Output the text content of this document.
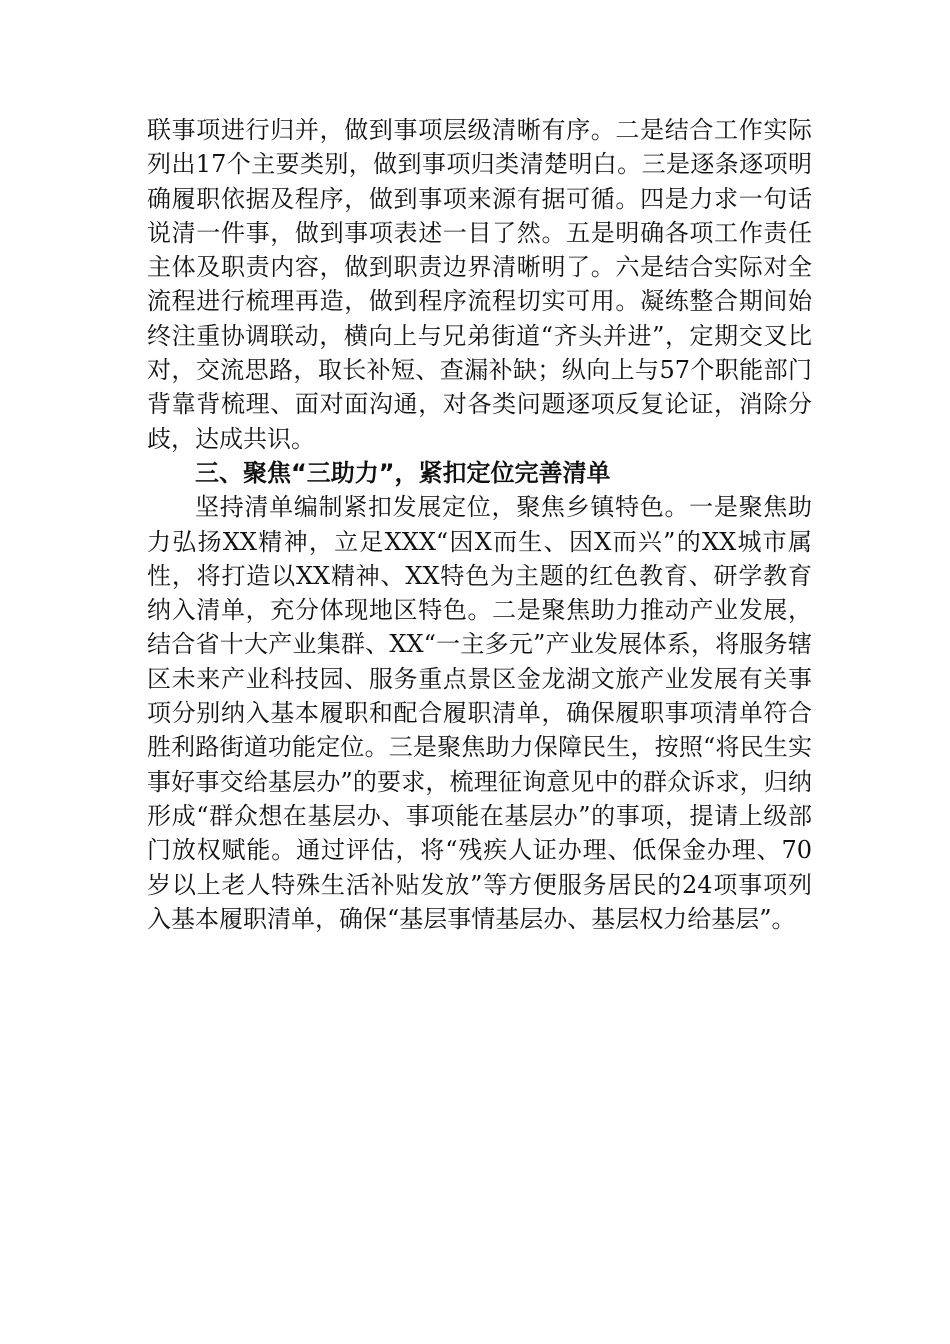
联事项进行归并，做到事项层级清晰有序。二是结合工作实际列出17个主要类别，做到事项归类清楚明白。三是逐条逐项明确履职依据及程序，做到事项来源有据可循。四是力求一句话说清一件事，做到事项表述一目了然。五是明确各项工作责任主体及职责内容，做到职责边界清晰明了。六是结合实际对全流程进行梳理再造，做到程序流程切实可用。凝练整合期间始终注重协调联动，横向上与兄弟街道“齐头并进”，定期交叉比对，交流思路，取长补短、查漏补缺；纵向上与57个职能部门背靠背梳理、面对面沟通，对各类问题逐项反复论证，消除分歧，达成共识。

三、聚焦“三助力”，紧扣定位完善清单

坚持清单编制紧扣发展定位，聚焦乡镇特色。一是聚焦助力弘扬XX精神，立足XXX“因X而生、因X而兴”的XX城市属性，将打造以XX精神、XX特色为主题的红色教育、研学教育纳入清单，充分体现地区特色。二是聚焦助力推动产业发展，结合省十大产业集群、XX“一主多元”产业发展体系，将服务辖区未来产业科技园、服务重点景区金龙湖文旅产业发展有关事项分别纳入基本履职和配合履职清单，确保履职事项清单符合胜利路街道功能定位。三是聚焦助力保障民生，按照“将民生实事好事交给基层办”的要求，梳理征询意见中的群众诉求，归纳形成“群众想在基层办、事项能在基层办”的事项，提请上级部门放权赋能。通过评估，将“残疾人证办理、低保金办理、70岁以上老人特殊生活补贴发放”等方便服务居民的24项事项列入基本履职清单，确保“基层事情基层办、基层权力给基层”。
